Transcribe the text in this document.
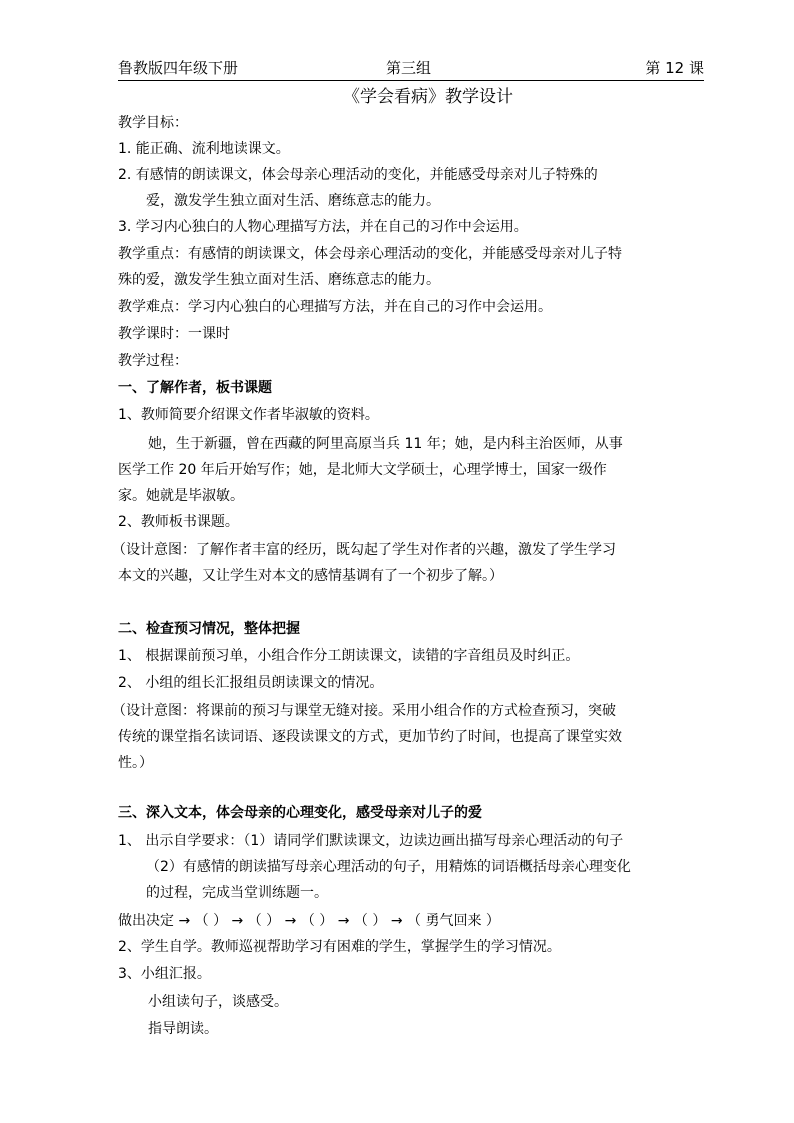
鲁教版四年级下册	第三组	第 12 课
《学会看病》教学设计
教学目标：
1. 能正确、流利地读课文。
2. 有感情的朗读课文，体会母亲心理活动的变化，并能感受母亲对儿子特殊的
爱，激发学生独立面对生活、磨练意志的能力。
3. 学习内心独白的人物心理描写方法，并在自己的习作中会运用。
教学重点：有感情的朗读课文，体会母亲心理活动的变化，并能感受母亲对儿子特
殊的爱，激发学生独立面对生活、磨练意志的能力。
教学难点：学习内心独白的心理描写方法，并在自己的习作中会运用。
教学课时：一课时
教学过程：
一、了解作者，板书课题
1、教师简要介绍课文作者毕淑敏的资料。
她，生于新疆，曾在西藏的阿里高原当兵 11 年；她，是内科主治医师，从事
医学工作 20 年后开始写作；她，是北师大文学硕士，心理学博士，国家一级作
家。她就是毕淑敏。
2、教师板书课题。
（设计意图：了解作者丰富的经历，既勾起了学生对作者的兴趣，激发了学生学习
本文的兴趣，又让学生对本文的感情基调有了一个初步了解。）
二、检查预习情况，整体把握
1、 根据课前预习单，小组合作分工朗读课文，读错的字音组员及时纠正。
2、 小组的组长汇报组员朗读课文的情况。
（设计意图：将课前的预习与课堂无缝对接。采用小组合作的方式检查预习，突破
传统的课堂指名读词语、逐段读课文的方式，更加节约了时间，也提高了课堂实效
性。）
三、深入文本，体会母亲的心理变化，感受母亲对儿子的爱
1、 出示自学要求：（1）请同学们默读课文，边读边画出描写母亲心理活动的句子
（2）有感情的朗读描写母亲心理活动的句子，用精炼的词语概括母亲心理变化
的过程，完成当堂训练题一。
做出决定 → （ ） → （ ） → （ ） → （ ） → （ 勇气回来 ）
2、学生自学。教师巡视帮助学习有困难的学生，掌握学生的学习情况。
3、小组汇报。
小组读句子，谈感受。
指导朗读。
